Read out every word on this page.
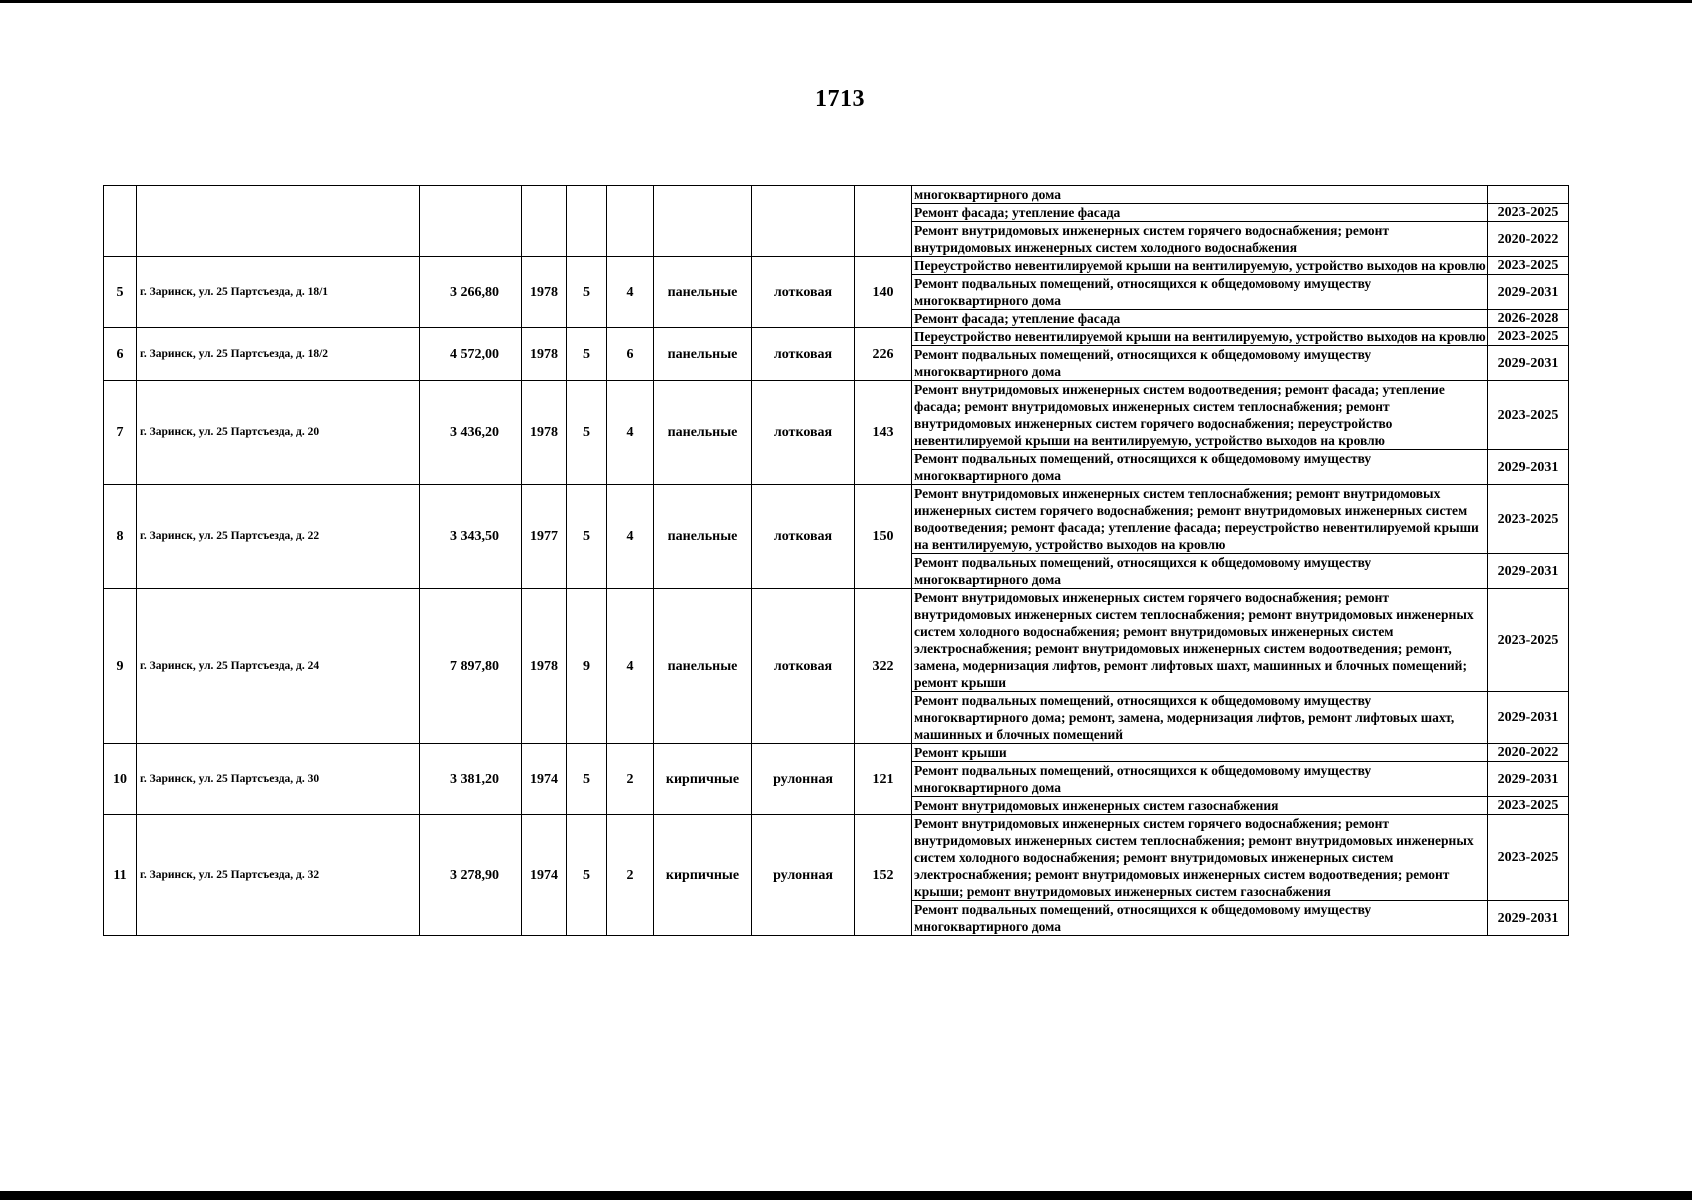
1713
									многоквартирного дома	
									Ремонт фасада; утепление фасада	2023-2025
									Ремонт внутридомовых инженерных систем горячего водоснабжения; ремонт внутридомовых инженерных систем холодного водоснабжения	2020-2022
5	г. Заринск, ул. 25 Партсъезда, д. 18/1	3 266,80	1978	5	4	панельные	лотковая	140	Переустройство невентилируемой крыши на вентилируемую, устройство выходов на кровлю	2023-2025
									Ремонт подвальных помещений, относящихся к общедомовому имуществу многоквартирного дома	2029-2031
									Ремонт фасада; утепление фасада	2026-2028
6	г. Заринск, ул. 25 Партсъезда, д. 18/2	4 572,00	1978	5	6	панельные	лотковая	226	Переустройство невентилируемой крыши на вентилируемую, устройство выходов на кровлю	2023-2025
									Ремонт подвальных помещений, относящихся к общедомовому имуществу многоквартирного дома	2029-2031
7	г. Заринск, ул. 25 Партсъезда, д. 20	3 436,20	1978	5	4	панельные	лотковая	143	Ремонт внутридомовых инженерных систем водоотведения; ремонт фасада; утепление фасада; ремонт внутридомовых инженерных систем теплоснабжения; ремонт внутридомовых инженерных систем горячего водоснабжения; переустройство невентилируемой крыши на вентилируемую, устройство выходов на кровлю	2023-2025
									Ремонт подвальных помещений, относящихся к общедомовому имуществу многоквартирного дома	2029-2031
8	г. Заринск, ул. 25 Партсъезда, д. 22	3 343,50	1977	5	4	панельные	лотковая	150	Ремонт внутридомовых инженерных систем теплоснабжения; ремонт внутридомовых инженерных систем горячего водоснабжения; ремонт внутридомовых инженерных систем водоотведения; ремонт фасада; утепление фасада; переустройство невентилируемой крыши на вентилируемую, устройство выходов на кровлю	2023-2025
									Ремонт подвальных помещений, относящихся к общедомовому имуществу многоквартирного дома	2029-2031
9	г. Заринск, ул. 25 Партсъезда, д. 24	7 897,80	1978	9	4	панельные	лотковая	322	Ремонт внутридомовых инженерных систем горячего водоснабжения; ремонт внутридомовых инженерных систем теплоснабжения; ремонт внутридомовых инженерных систем холодного водоснабжения; ремонт внутридомовых инженерных систем электроснабжения; ремонт внутридомовых инженерных систем водоотведения; ремонт, замена, модернизация лифтов, ремонт лифтовых шахт, машинных и блочных помещений; ремонт крыши	2023-2025
									Ремонт подвальных помещений, относящихся к общедомовому имуществу многоквартирного дома; ремонт, замена, модернизация лифтов, ремонт лифтовых шахт, машинных и блочных помещений	2029-2031
10	г. Заринск, ул. 25 Партсъезда, д. 30	3 381,20	1974	5	2	кирпичные	рулонная	121	Ремонт крыши	2020-2022
									Ремонт подвальных помещений, относящихся к общедомовому имуществу многоквартирного дома	2029-2031
									Ремонт внутридомовых инженерных систем газоснабжения	2023-2025
11	г. Заринск, ул. 25 Партсъезда, д. 32	3 278,90	1974	5	2	кирпичные	рулонная	152	Ремонт внутридомовых инженерных систем горячего водоснабжения; ремонт внутридомовых инженерных систем теплоснабжения; ремонт внутридомовых инженерных систем холодного водоснабжения; ремонт внутридомовых инженерных систем электроснабжения; ремонт внутридомовых инженерных систем водоотведения; ремонт крыши; ремонт внутридомовых инженерных систем газоснабжения	2023-2025
									Ремонт подвальных помещений, относящихся к общедомовому имуществу многоквартирного дома	2029-2031
